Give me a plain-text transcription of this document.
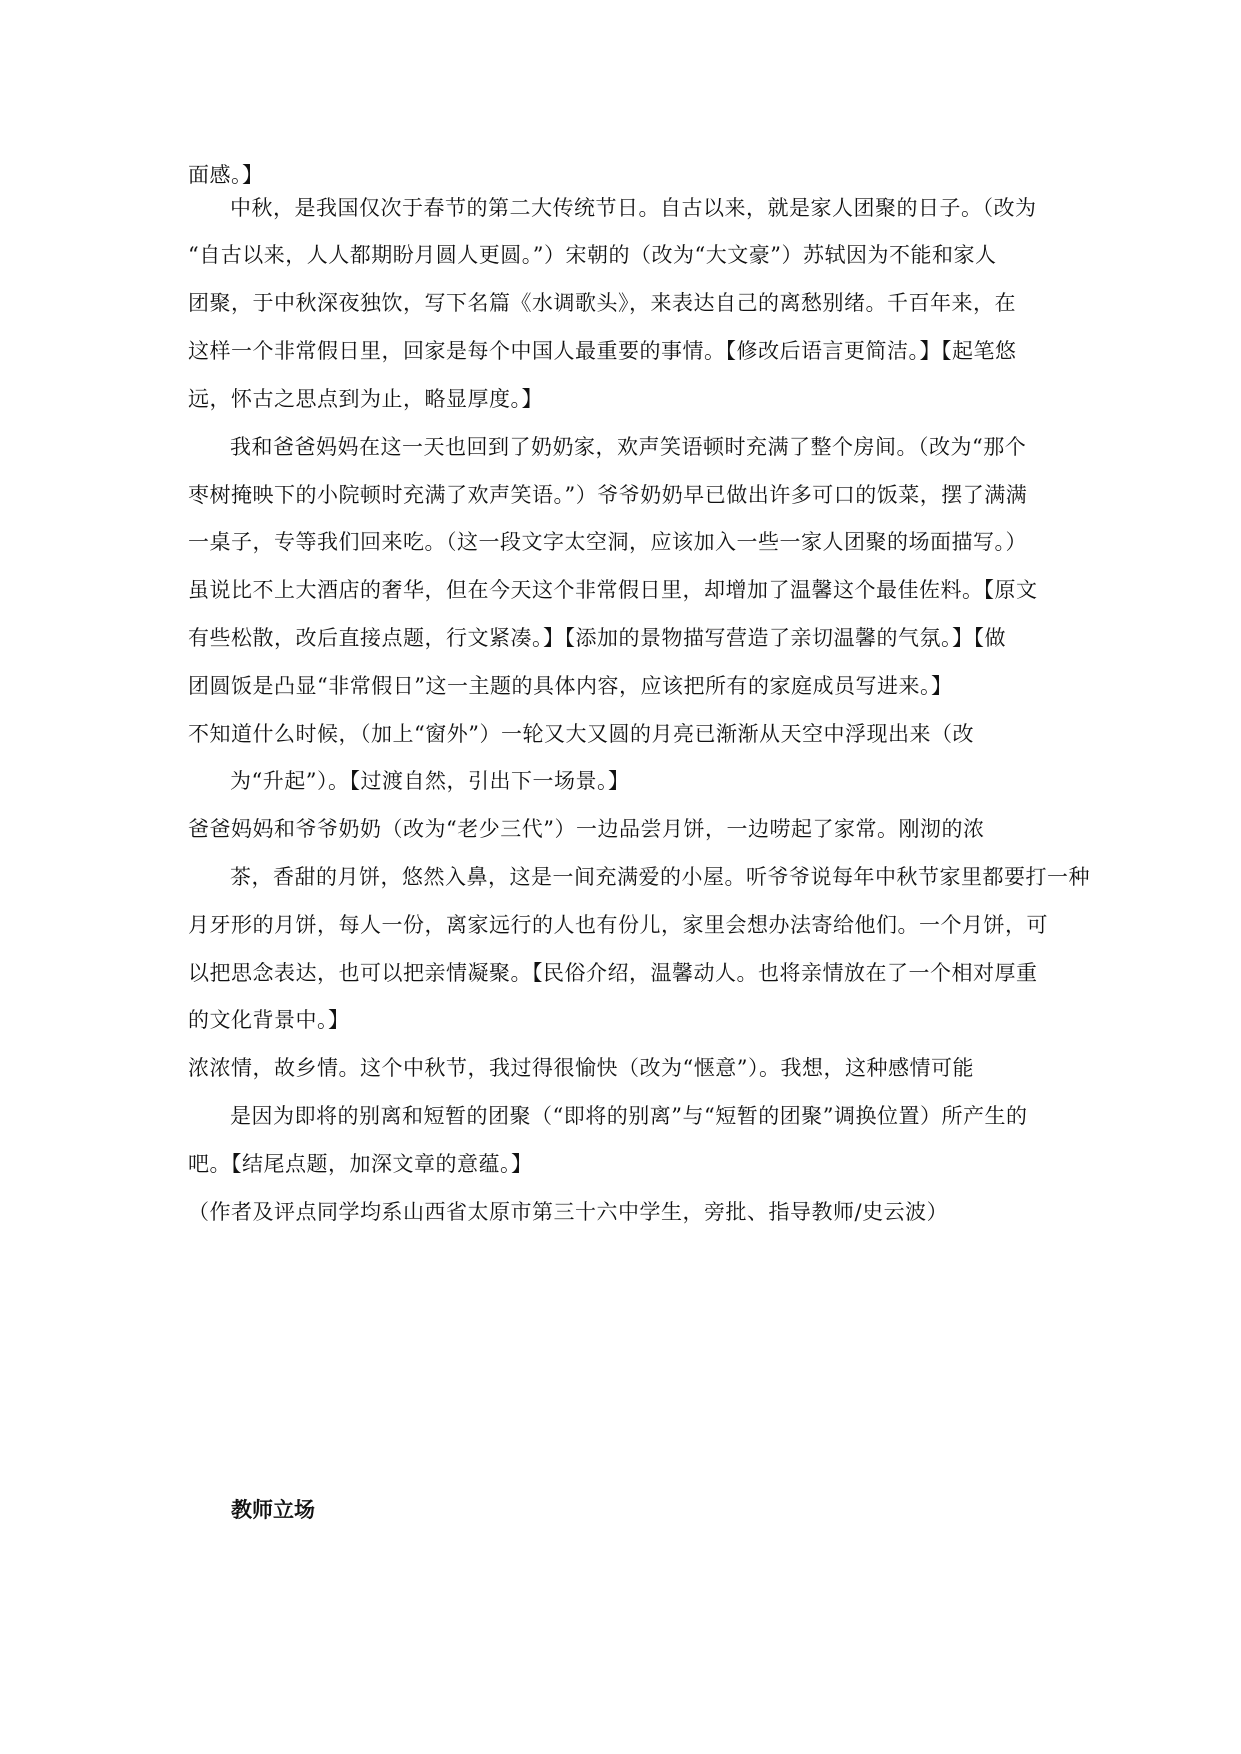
面感。】
中秋，是我国仅次于春节的第二大传统节日。自古以来，就是家人团聚的日子。（改为
“自古以来，人人都期盼月圆人更圆。”）宋朝的（改为“大文豪”）苏轼因为不能和家人
团聚，于中秋深夜独饮，写下名篇《水调歌头》，来表达自己的离愁别绪。千百年来，在
这样一个非常假日里，回家是每个中国人最重要的事情。【修改后语言更简洁。】【起笔悠
远，怀古之思点到为止，略显厚度。】
我和爸爸妈妈在这一天也回到了奶奶家，欢声笑语顿时充满了整个房间。（改为“那个
枣树掩映下的小院顿时充满了欢声笑语。”）爷爷奶奶早已做出许多可口的饭菜，摆了满满
一桌子，专等我们回来吃。（这一段文字太空洞，应该加入一些一家人团聚的场面描写。）
虽说比不上大酒店的奢华，但在今天这个非常假日里，却增加了温馨这个最佳佐料。【原文
有些松散，改后直接点题，行文紧凑。】【添加的景物描写营造了亲切温馨的气氛。】【做
团圆饭是凸显“非常假日”这一主题的具体内容，应该把所有的家庭成员写进来。】
不知道什么时候，（加上“窗外”）一轮又大又圆的月亮已渐渐从天空中浮现出来（改
为“升起”）。【过渡自然，引出下一场景。】
爸爸妈妈和爷爷奶奶（改为“老少三代”）一边品尝月饼，一边唠起了家常。刚沏的浓
茶，香甜的月饼，悠然入鼻，这是一间充满爱的小屋。听爷爷说每年中秋节家里都要打一种
月牙形的月饼，每人一份，离家远行的人也有份儿，家里会想办法寄给他们。一个月饼，可
以把思念表达，也可以把亲情凝聚。【民俗介绍，温馨动人。也将亲情放在了一个相对厚重
的文化背景中。】
浓浓情，故乡情。这个中秋节，我过得很愉快（改为“惬意”）。我想，这种感情可能
是因为即将的别离和短暂的团聚（“即将的别离”与“短暂的团聚”调换位置）所产生的
吧。【结尾点题，加深文章的意蕴。】
（作者及评点同学均系山西省太原市第三十六中学生，旁批、指导教师/史云波）
教师立场
